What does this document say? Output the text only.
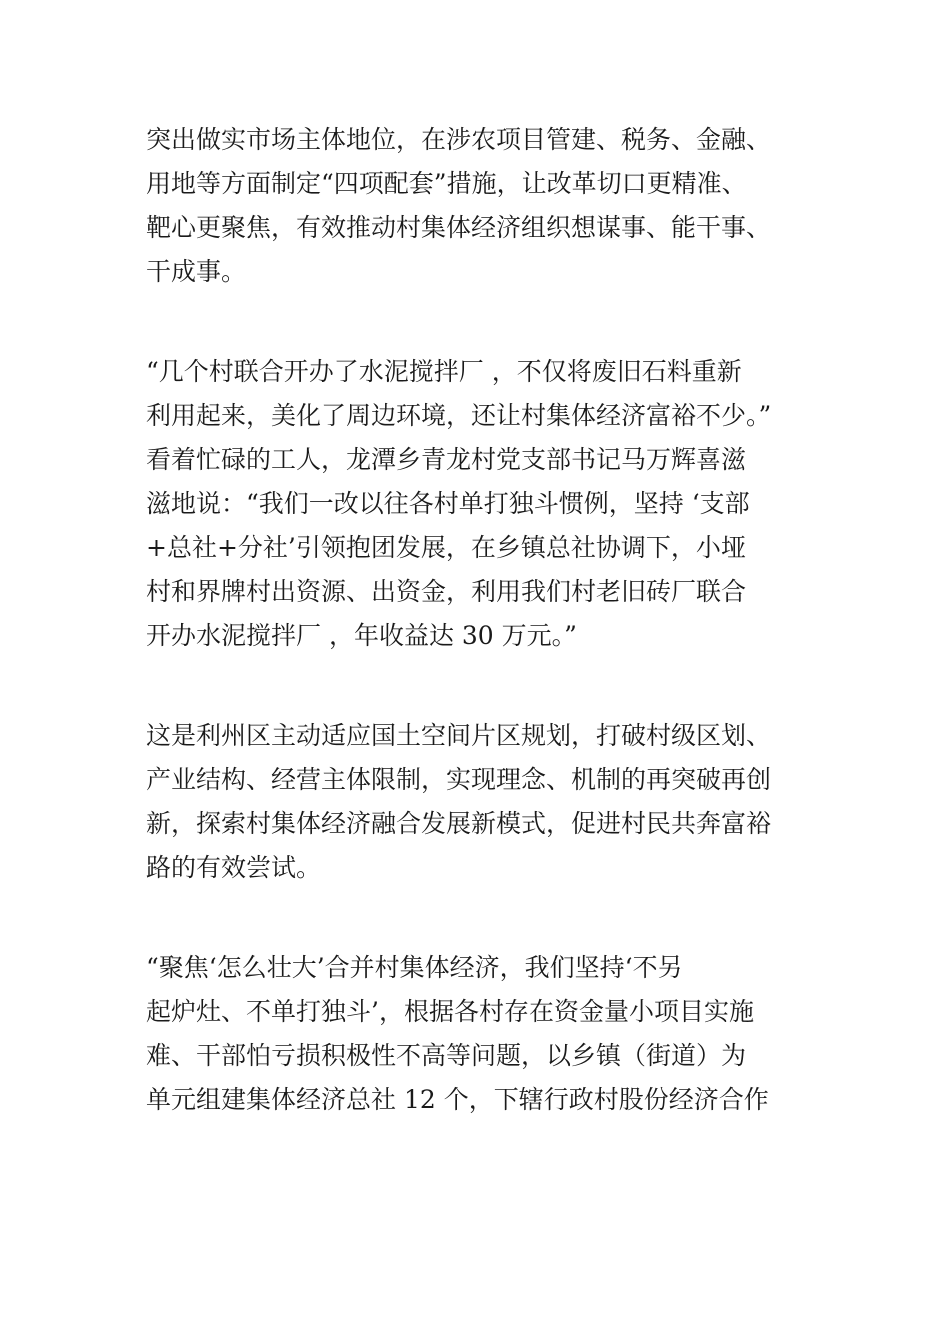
突出做实市场主体地位，在涉农项目管建、税务、金融、
用地等方面制定“四项配套”措施，让改革切口更精准、
靶心更聚焦，有效推动村集体经济组织想谋事、能干事、
干成事。
“几个村联合开办了水泥搅拌厂 ，不仅将废旧石料重新
利用起来，美化了周边环境，还让村集体经济富裕不少。”
看着忙碌的工人，龙潭乡青龙村党支部书记马万辉喜滋
滋地说：“我们一改以往各村单打独斗惯例，坚持 ‘支部
+总社+分社’引领抱团发展，在乡镇总社协调下，小垭
村和界牌村出资源、出资金，利用我们村老旧砖厂联合
开办水泥搅拌厂 ，年收益达 30 万元。”
这是利州区主动适应国土空间片区规划，打破村级区划、
产业结构、经营主体限制，实现理念、机制的再突破再创
新，探索村集体经济融合发展新模式，促进村民共奔富裕
路的有效尝试。
“聚焦‘怎么壮大’合并村集体经济，我们坚持‘不另
起炉灶、不单打独斗’，根据各村存在资金量小项目实施
难、干部怕亏损积极性不高等问题，以乡镇（街道）为
单元组建集体经济总社 12 个，下辖行政村股份经济合作
